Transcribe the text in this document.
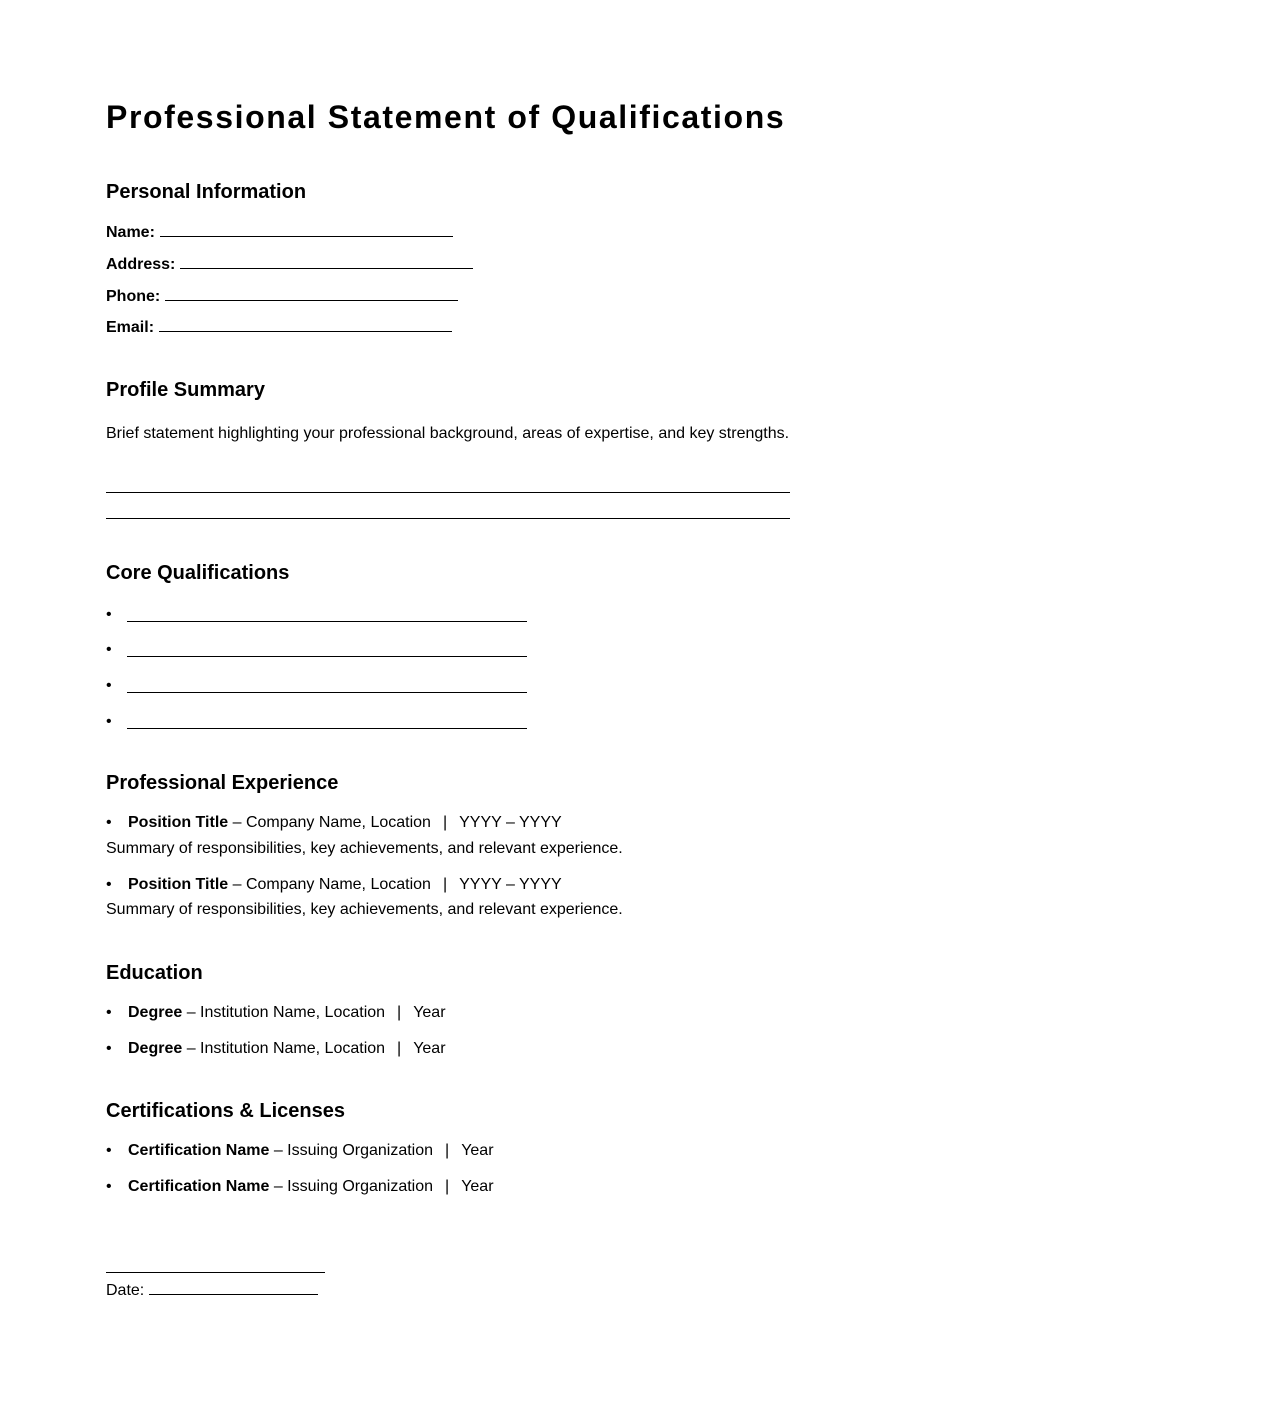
Professional Statement of Qualifications
Personal Information
Name:
Address:
Phone:
Email:
Profile Summary
Brief statement highlighting your professional background, areas of expertise, and key strengths.
Core Qualifications
•
•
•
•
Professional Experience
• Position Title – Company Name, Location | YYYY – YYYY
Summary of responsibilities, key achievements, and relevant experience.
• Position Title – Company Name, Location | YYYY – YYYY
Summary of responsibilities, key achievements, and relevant experience.
Education
• Degree – Institution Name, Location | Year
• Degree – Institution Name, Location | Year
Certifications & Licenses
• Certification Name – Issuing Organization | Year
• Certification Name – Issuing Organization | Year
Date:
